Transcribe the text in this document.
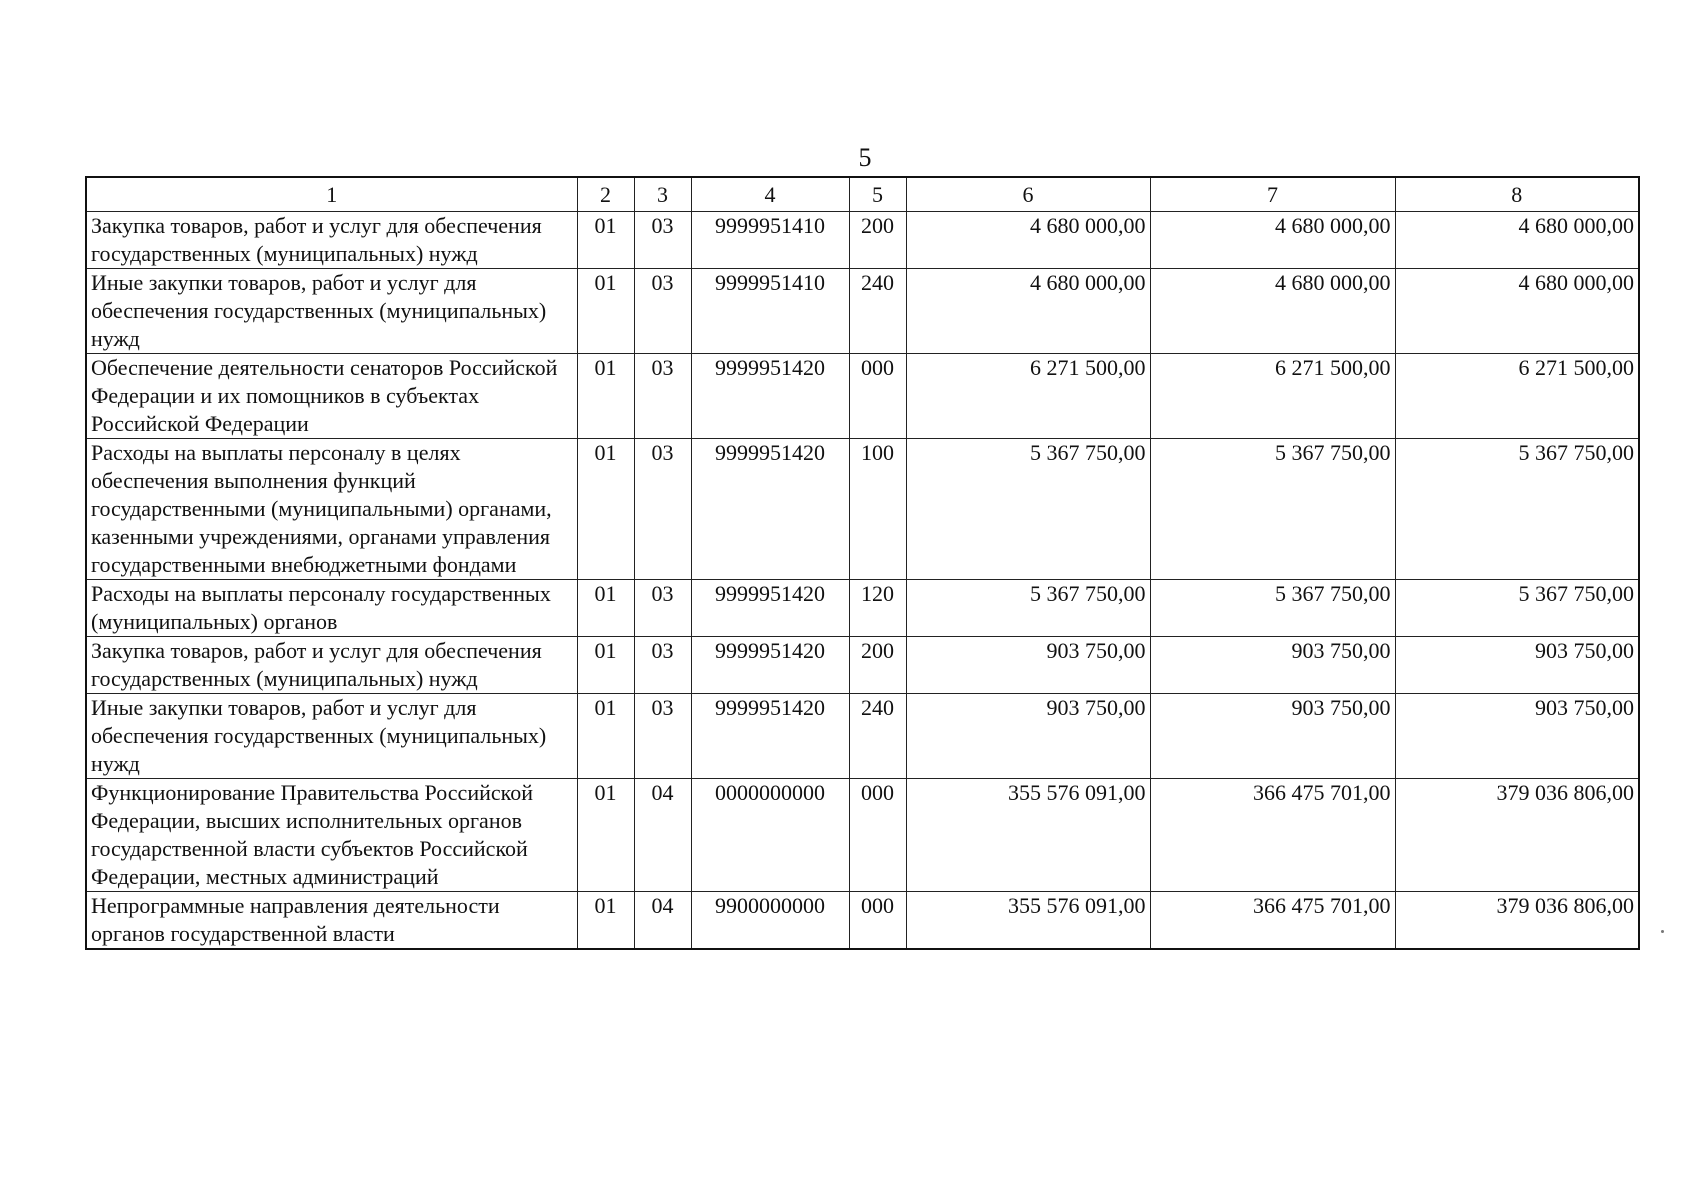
5
1	2	3	4	5	6	7	8
Закупка товаров, работ и услуг для обеспечения государственных (муниципальных) нужд	01	03	9999951410	200	4 680 000,00	4 680 000,00	4 680 000,00
Иные закупки товаров, работ и услуг для обеспечения государственных (муниципальных) нужд	01	03	9999951410	240	4 680 000,00	4 680 000,00	4 680 000,00
Обеспечение деятельности сенаторов Российской Федерации и их помощников в субъектах Российской Федерации	01	03	9999951420	000	6 271 500,00	6 271 500,00	6 271 500,00
Расходы на выплаты персоналу в целях обеспечения выполнения функций государственными (муниципальными) органами, казенными учреждениями, органами управления государственными внебюджетными фондами	01	03	9999951420	100	5 367 750,00	5 367 750,00	5 367 750,00
Расходы на выплаты персоналу государственных (муниципальных) органов	01	03	9999951420	120	5 367 750,00	5 367 750,00	5 367 750,00
Закупка товаров, работ и услуг для обеспечения государственных (муниципальных) нужд	01	03	9999951420	200	903 750,00	903 750,00	903 750,00
Иные закупки товаров, работ и услуг для обеспечения государственных (муниципальных) нужд	01	03	9999951420	240	903 750,00	903 750,00	903 750,00
Функционирование Правительства Российской Федерации, высших исполнительных органов государственной власти субъектов Российской Федерации, местных администраций	01	04	0000000000	000	355 576 091,00	366 475 701,00	379 036 806,00
Непрограммные направления деятельности органов государственной власти	01	04	9900000000	000	355 576 091,00	366 475 701,00	379 036 806,00
